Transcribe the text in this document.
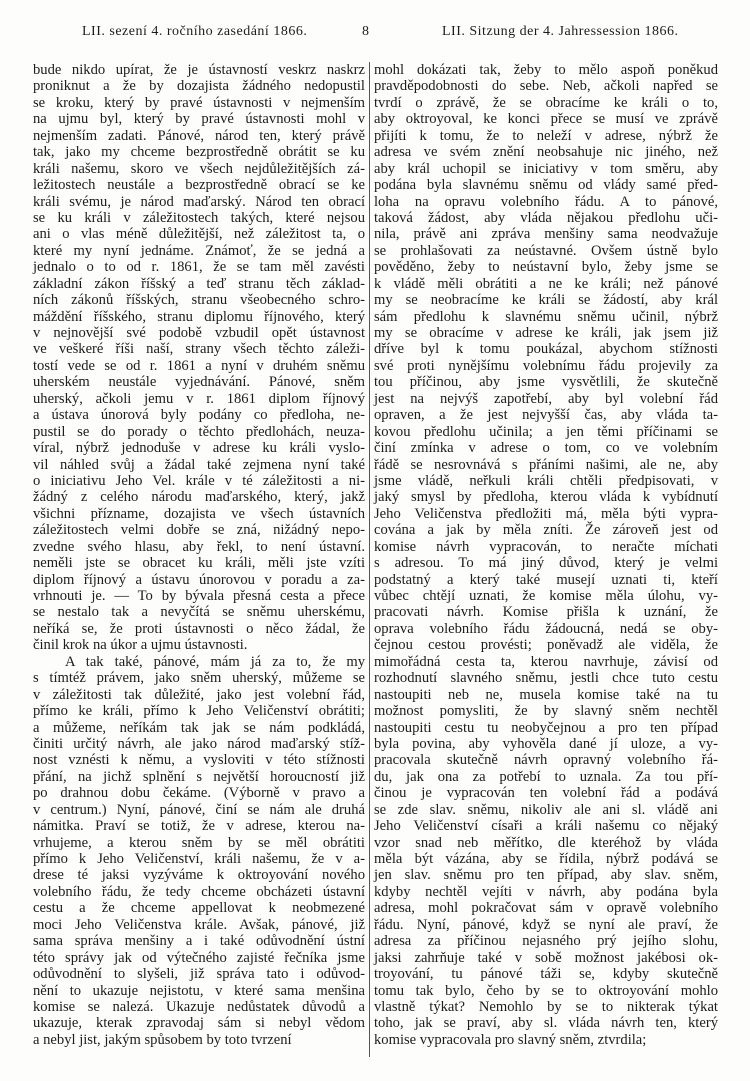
LII. sezení 4. ročního zasedání 1866.	8	LII. Sitzung der 4. Jahressession 1866.
bude nikdo upírat, že je ústavností veskrz naskrz
proniknut a že by dozajista žádného nedopustil
se kroku, který by pravé ústavnosti v nejmenším
na ujmu byl, který by pravé ústavnosti mohl v
nejmenším zadati. Pánové, národ ten, který právě
tak, jako my chceme bezprostředně obrátit se ku
králi našemu, skoro ve všech nejdůležitějších zá-
ležitostech neustále a bezprostředně obrací se ke
králi svému, je národ maďarský. Národ ten obrací
se ku králi v záležitostech takých, které nejsou
ani o vlas méně důležitější, než záležitost ta, o
které my nyní jednáme. Známoť, že se jedná a
jednalo o to od r. 1861, že se tam měl zavésti
základní zákon říšský a teď stranu těch základ-
ních zákonů říšských, stranu všeobecného schro-
máždění říšského, stranu diplomu říjnového, který
v nejnovější své podobě vzbudil opět ústavnost
ve veškeré říši naší, strany všech těchto záleži-
tostí vede se od r. 1861 a nyní v druhém sněmu
uherském neustále vyjednávání. Pánové, sněm
uherský, ačkoli jemu v r. 1861 diplom říjnový
a ústava únorová byly podány co předloha, ne-
pustil se do porady o těchto předlohách, neuza-
víral, nýbrž jednoduše v adrese ku králi vyslo-
vil náhled svůj a žádal také zejmena nyní také
o iniciativu Jeho Vel. krále v té záležitosti a ni-
žádný z celého národu maďarského, který, jakž
všichni přízname, dozajista ve všech ústavních
záležitostech velmi dobře se zná, nižádný nepo-
zvedne svého hlasu, aby řekl, to není ústavní.
neměli jste se obracet ku králi, měli jste vzíti
diplom říjnový a ústavu únorovou v poradu a za-
vrhnouti je. — To by bývala přesná cesta a přece
se nestalo tak a nevyčítá se sněmu uherskému,
neříká se, že proti ústavnosti o něco žádal, že
činil krok na úkor a ujmu ústavnosti.
A tak také, pánové, mám já za to, že my
s tímtéž právem, jako sněm uherský, můžeme se
v záležitosti tak důležité, jako jest volební řád,
přímo ke králi, přímo k Jeho Veličenství obrátiti;
a můžeme, neříkám tak jak se nám podkládá,
činiti určitý návrh, ale jako národ maďarský stíž-
nost vznésti k němu, a vysloviti v této stížnosti
přání, na jichž splnění s největší horoucností již
po drahnou dobu čekáme. (Výborně v pravo a
v centrum.) Nyní, pánové, činí se nám ale druhá
námitka. Praví se totiž, že v adrese, kterou na-
vrhujeme, a kterou sněm by se měl obrátiti
přímo k Jeho Veličenství, králi našemu, že v a-
drese té jaksi vyzýváme k oktroyování nového
volebního řádu, že tedy chceme obcházeti ústavní
cestu a že chceme appellovat k neobmezené
moci Jeho Veličenstva krále. Avšak, pánové, již
sama správa menšiny a i také odůvodnění ústní
této správy jak od výtečného zajisté řečníka jsme
odůvodnění to slyšeli, již správa tato i odůvod-
nění to ukazuje nejistotu, v které sama menšina
komise se nalezá. Ukazuje nedůstatek důvodů a
ukazuje, kterak zpravodaj sám si nebyl vědom
a nebyl jist, jakým spůsobem by toto tvrzení
mohl dokázati tak, žeby to mělo aspoň poněkud
pravděpodobnosti do sebe. Neb, ačkoli napřed se
tvrdí o zprávě, že se obracíme ke králi o to,
aby oktroyoval, ke konci přece se musí ve zprávě
přijíti k tomu, že to neleží v adrese, nýbrž že
adresa ve svém znění neobsahuje nic jiného, než
aby král uchopil se iniciativy v tom směru, aby
podána byla slavnému sněmu od vlády samé před-
loha na opravu volebního řádu. A to pánové,
taková žádost, aby vláda nějakou předlohu uči-
nila, právě ani zpráva menšiny sama neodvažuje
se prohlašovati za neústavné. Ovšem ústně bylo
pověděno, žeby to neústavní bylo, žeby jsme se
k vládě měli obrátiti a ne ke králi; než pánové
my se neobracíme ke králi se žádostí, aby král
sám předlohu k slavnému sněmu učinil, nýbrž
my se obracíme v adrese ke králi, jak jsem již
dříve byl k tomu poukázal, abychom stížnosti
své proti nynějšímu volebnímu řádu projevily za
tou příčinou, aby jsme vysvětlili, že skutečně
jest na nejvýš zapotřebí, aby byl volební řád
opraven, a že jest nejvyšší čas, aby vláda ta-
kovou předlohu učinila; a jen těmi příčinami se
činí zmínka v adrese o tom, co ve volebním
řádě se nesrovnává s přáními našimi, ale ne, aby
jsme vládě, neřkuli králi chtěli předpisovati, v
jaký smysl by předloha, kterou vláda k vybídnutí
Jeho Veličenstva předložiti má, měla býti vypra-
cována a jak by měla zníti. Že zároveň jest od
komise návrh vypracován, to neračte míchati
s adresou. To má jiný důvod, který je velmi
podstatný a který také musejí uznati ti, kteří
vůbec chtějí uznati, že komise měla úlohu, vy-
pracovati návrh. Komise přišla k uznání, že
oprava volebního řádu žádoucná, nedá se oby-
čejnou cestou provésti; poněvadž ale viděla, že
mimořádná cesta ta, kterou navrhuje, závisí od
rozhodnutí slavného sněmu, jestli chce tuto cestu
nastoupiti neb ne, musela komise také na tu
možnost pomysliti, že by slavný sněm nechtěl
nastoupiti cestu tu neobyčejnou a pro ten případ
byla povina, aby vyhověla dané jí uloze, a vy-
pracovala skutečně návrh opravný volebního řá-
du, jak ona za potřebí to uznala. Za tou pří-
činou je vypracován ten volební řád a podává
se zde slav. sněmu, nikoliv ale ani sl. vládě ani
Jeho Veličenství císaři a králi našemu co nějaký
vzor snad neb měřítko, dle kteréhož by vláda
měla být vázána, aby se řídila, nýbrž podává se
jen slav. sněmu pro ten případ, aby slav. sněm,
kdyby nechtěl vejíti v návrh, aby podána byla
adresa, mohl pokračovat sám v opravě volebního
řádu. Nyní, pánové, když se nyní ale praví, že
adresa za příčinou nejasného prý jejího slohu,
jaksi zahrňuje také v sobě možnost jakébosi ok-
troyování, tu pánové táži se, kdyby skutečně
tomu tak bylo, čeho by se to oktroyování mohlo
vlastně týkat? Nemohlo by se to nikterak týkat
toho, jak se praví, aby sl. vláda návrh ten, který
komise vypracovala pro slavný sněm, ztvrdila;
